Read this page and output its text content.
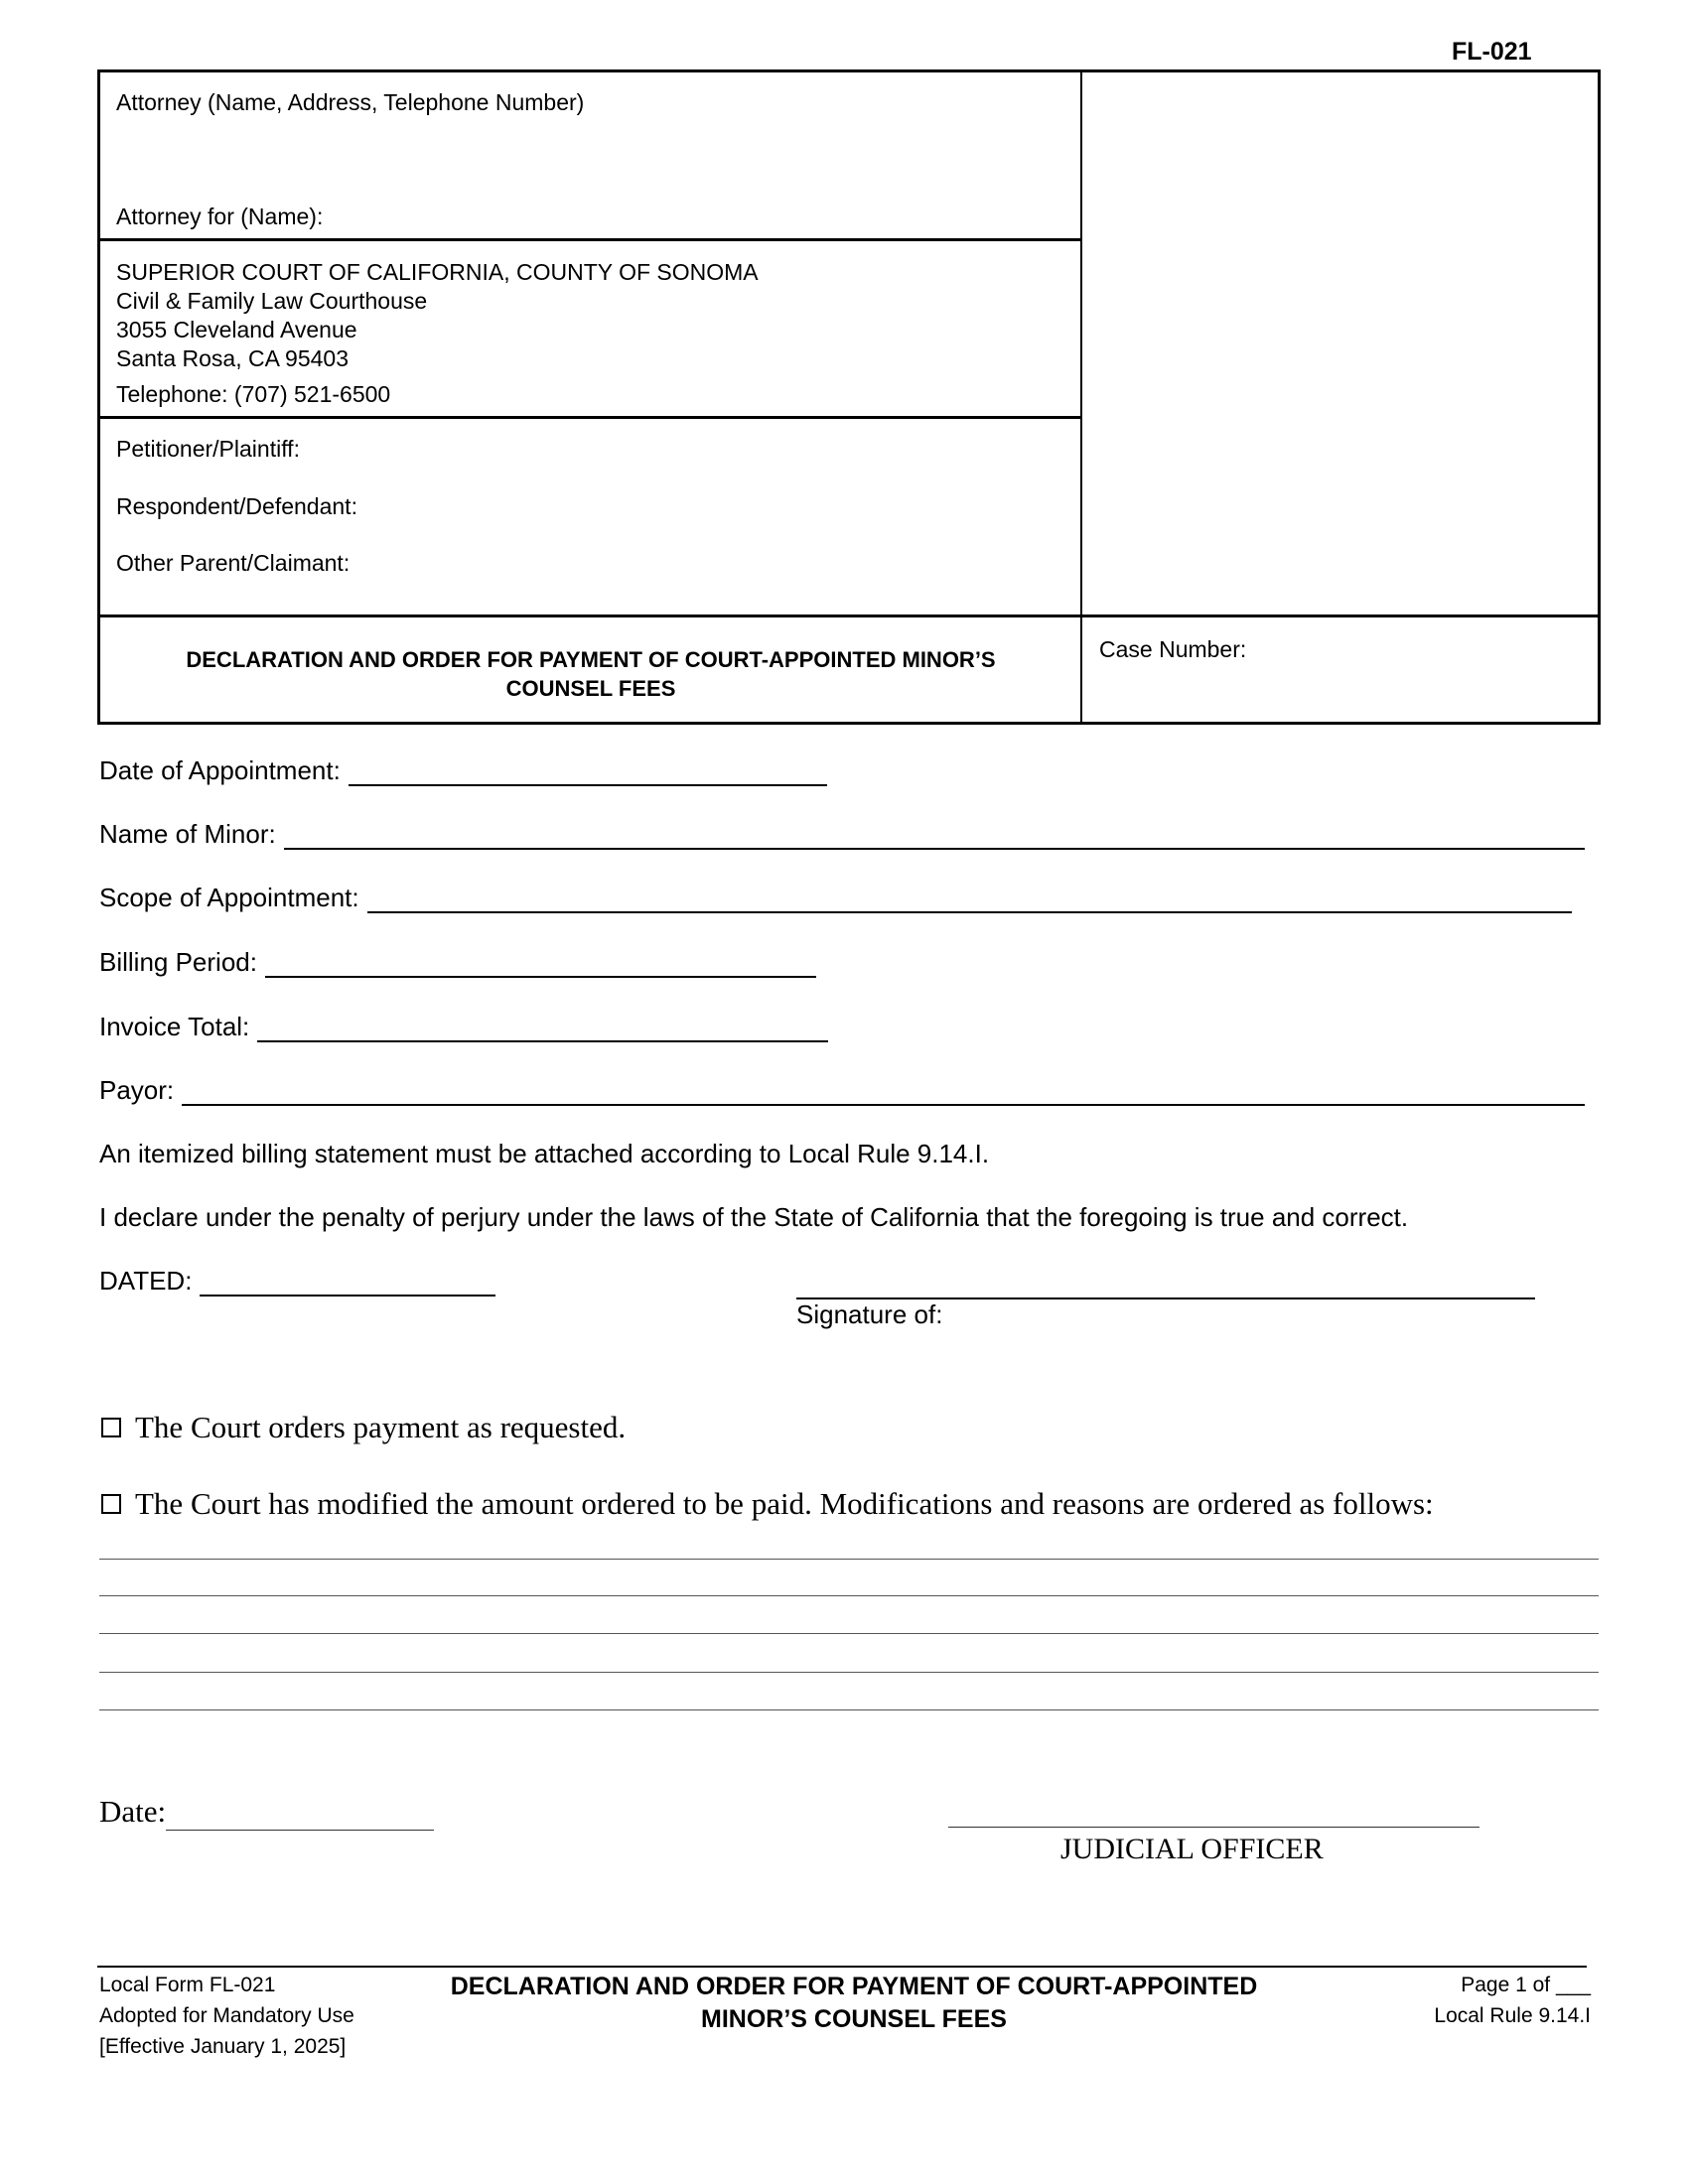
FL-021
Attorney (Name, Address, Telephone Number)
Attorney for (Name):
SUPERIOR COURT OF CALIFORNIA, COUNTY OF SONOMA
Civil & Family Law Courthouse
3055 Cleveland Avenue
Santa Rosa, CA 95403
Telephone: (707) 521-6500
Petitioner/Plaintiff:
Respondent/Defendant:
Other Parent/Claimant:
DECLARATION AND ORDER FOR PAYMENT OF COURT-APPOINTED MINOR’S
COUNSEL FEES
Case Number:
Date of Appointment:
Name of Minor:
Scope of Appointment:
Billing Period:
Invoice Total:
Payor:
An itemized billing statement must be attached according to Local Rule 9.14.I.
I declare under the penalty of perjury under the laws of the State of California that the foregoing is true and correct.
DATED:
Signature of:
The Court orders payment as requested.
The Court has modified the amount ordered to be paid. Modifications and reasons are ordered as follows:
Date:
JUDICIAL OFFICER
Local Form FL-021
Adopted for Mandatory Use
[Effective January 1, 2025]
DECLARATION AND ORDER FOR PAYMENT OF COURT-APPOINTED
MINOR’S COUNSEL FEES
Page 1 of ___
Local Rule 9.14.I
